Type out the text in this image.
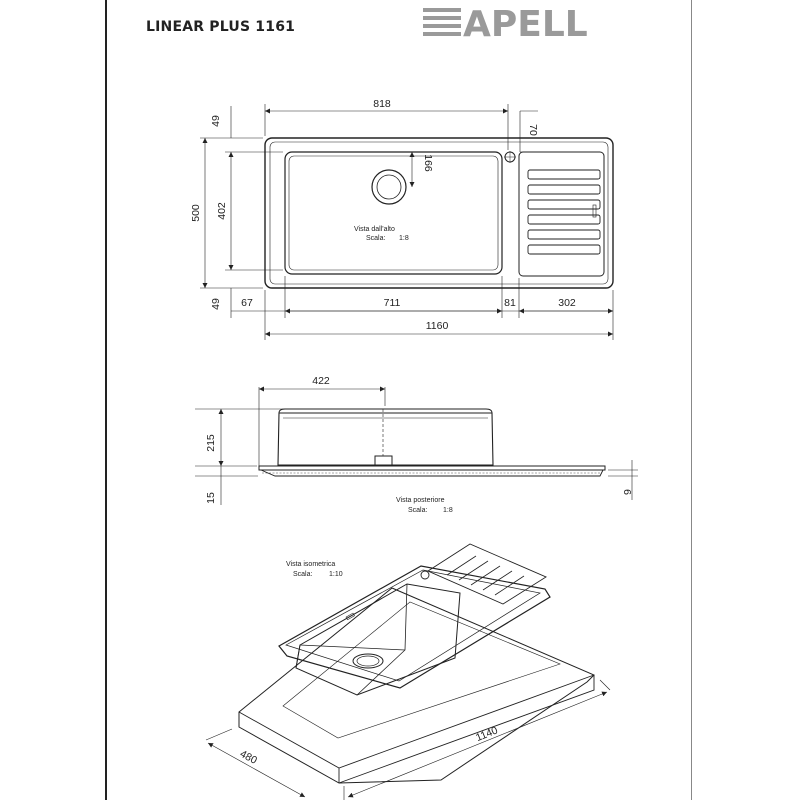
LINEAR PLUS 1161	APELL
818
70
166
49
500 402
49 67	711	81	302
1160
Vista dall'alto
Scala: 1:8
422
215
15
6
Vista posteriore
Scala: 1:8
1140
480
Vista isometrica
Scala: 1:10
